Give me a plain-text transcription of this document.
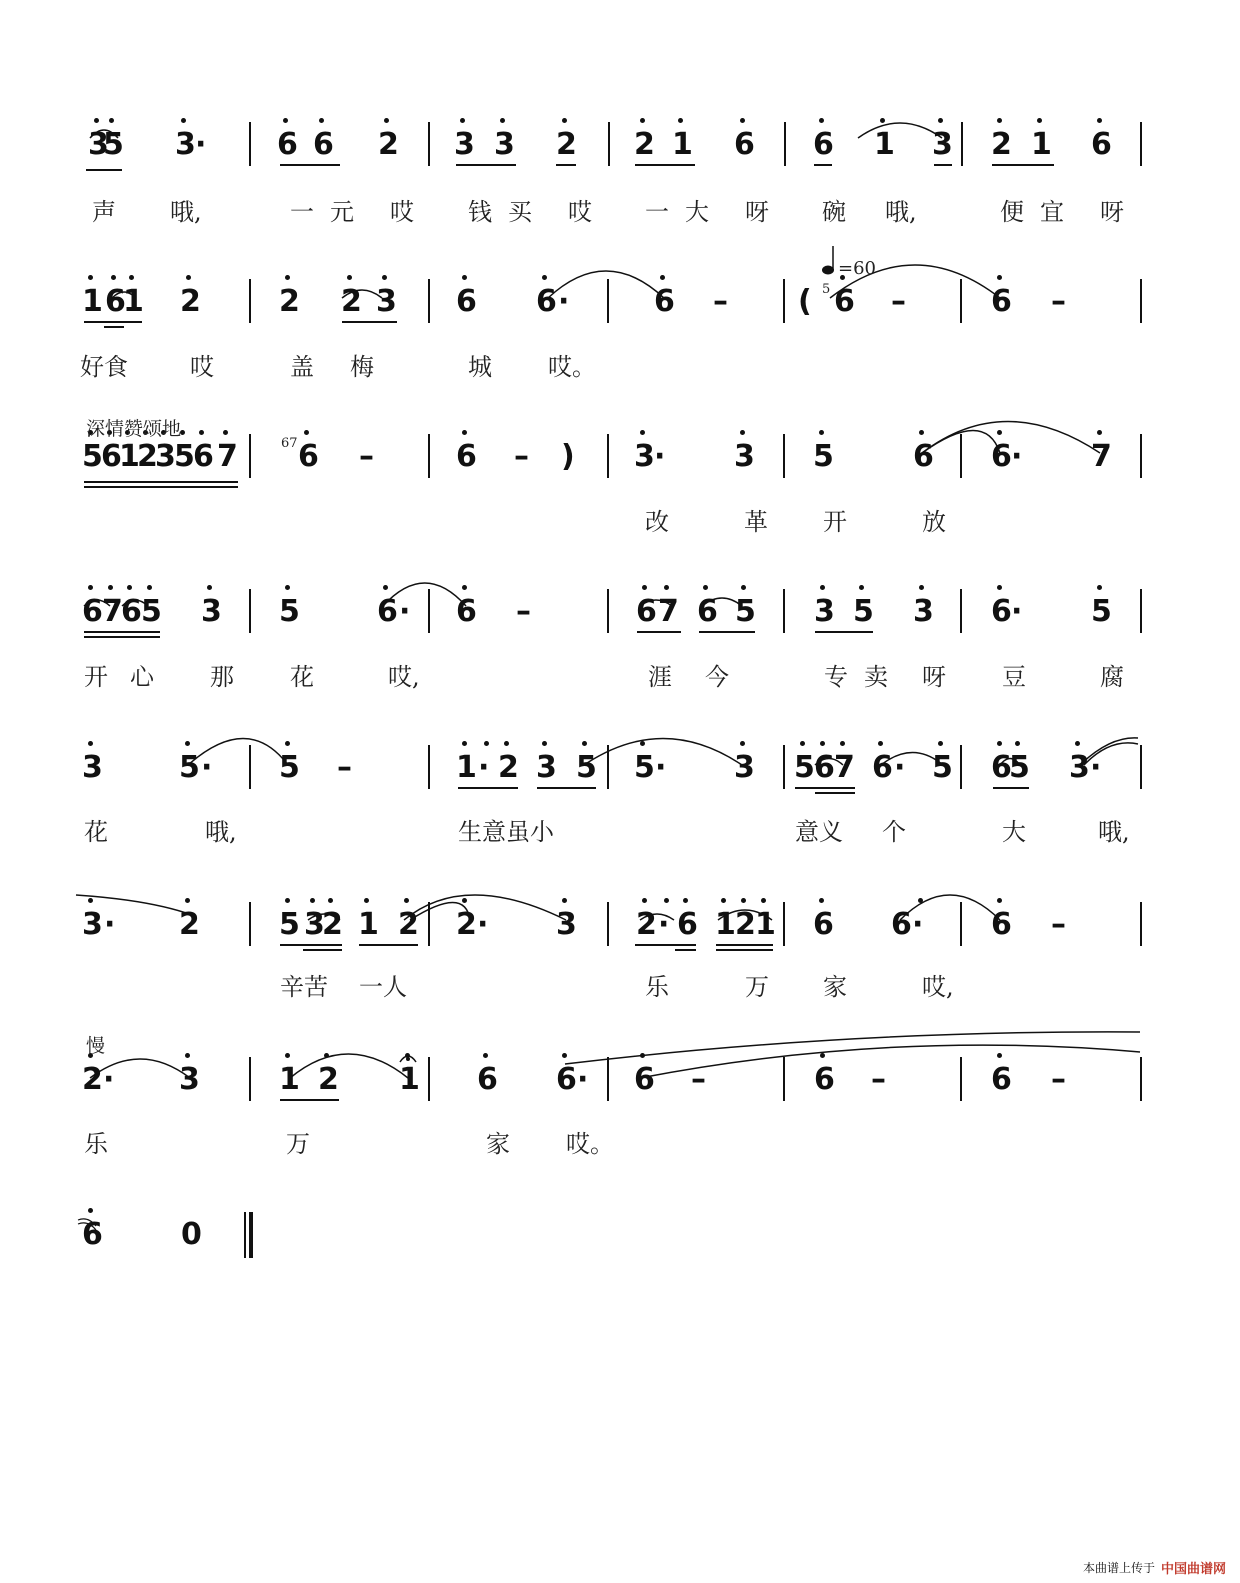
3
5 3 · 6 6 2 3 3 2 2 1 6 6 1 3 2 1 6
声 哦,	一 元 哎 钱 买 哎 一 大 呀 碗 哦,	便 宜 呀
1 6
1 2	2 2 3 6 6 ·	6 – ( 6 –	6 –
好食	哎	盖 梅	城 哎。
5
6
1
2
3
5
6 7 6 –	6 – ) 3 · 3 5	6 6 · 7
改	革 开	放
6 7
6 5 3 5	6 · 6 –	6 7 6 5 3 5 3 6 · 5
开 心 那 花	哎,	涯 今	专 卖 呀 豆	腐
3	5 · 5 –	1 · 2 3 5 5 · 3 5 6 7 6 · 5 6
5 3 ·
花	哦,	生意虽小	意义 个	大	哦,
3 · 2	5 3
2 1 2 2 · 3 2 · 6 1 2 1 6 6 · 6 –
辛苦 一人	乐	万 家	哎,
2 · 3	1 2 1 6 6 · 6 –	6 –	6 –
乐	万	家 哎。
6	0
=60
5
67
深情赞颂地
慢
本曲谱上传于 中国曲谱网
